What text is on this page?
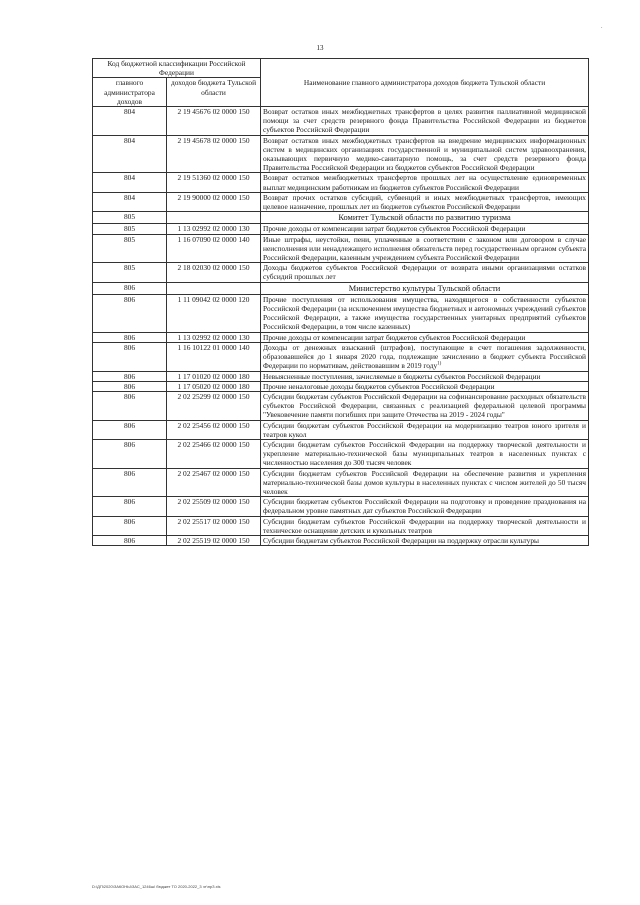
.
13
Код бюджетной классификации Российской Федерации		Наименование главного администратора доходов бюджета Тульской области
главного администратора доходов	доходов бюджета Тульской области	
804	2 19 45676 02 0000 150	Возврат остатков иных межбюджетных трансфертов в целях развития паллиативной медицинской помощи за счет средств резервного фонда Правительства Российской Федерации из бюджетов субъектов Российской Федерации
804	2 19 45678 02 0000 150	Возврат остатков иных межбюджетных трансфертов на внедрение медицинских информационных систем в медицинских организациях государственной и муниципальной систем здравоохранения, оказывающих первичную медико-санитарную помощь, за счет средств резервного фонда Правительства Российской Федерации из бюджетов субъектов Российской Федерации
804	2 19 51360 02 0000 150	Возврат остатков межбюджетных трансфертов прошлых лет на осуществление единовременных выплат медицинским работникам из бюджетов субъектов Российской Федерации
804	2 19 90000 02 0000 150	Возврат прочих остатков субсидий, субвенций и иных межбюджетных трансфертов, имеющих целевое назначение, прошлых лет из бюджетов субъектов Российской Федерации
805		Комитет Тульской области по развитию туризма
805	1 13 02992 02 0000 130	Прочие доходы от компенсации затрат бюджетов субъектов Российской Федерации
805	1 16 07090 02 0000 140	Иные штрафы, неустойки, пени, уплаченные в соответствии с законом или договором в случае неисполнения или ненадлежащего исполнения обязательств перед государственным органом субъекта Российской Федерации, казенным учреждением субъекта Российской Федерации
805	2 18 02030 02 0000 150	Доходы бюджетов субъектов Российской Федерации от возврата иными организациями остатков субсидий прошлых лет
806		Министерство культуры Тульской области
806	1 11 09042 02 0000 120	Прочие поступления от использования имущества, находящегося в собственности субъектов Российской Федерации (за исключением имущества бюджетных и автономных учреждений субъектов Российской Федерации, а также имущества государственных унитарных предприятий субъектов Российской Федерации, в том числе казенных)
806	1 13 02992 02 0000 130	Прочие доходы от компенсации затрат бюджетов субъектов Российской Федерации
806	1 16 10122 01 0000 140	Доходы от денежных взысканий (штрафов), поступающие в счет погашения задолженности, образовавшейся до 1 января 2020 года, подлежащие зачислению в бюджет субъекта Российской Федерации по нормативам, действовавшим в 2019 году$^{1)}$
806	1 17 01020 02 0000 180	Невыясненные поступления, зачисляемые в бюджеты субъектов Российской Федерации
806	1 17 05020 02 0000 180	Прочие неналоговые доходы бюджетов субъектов Российской Федерации
806	2 02 25299 02 0000 150	Субсидии бюджетам субъектов Российской Федерации на софинансирование расходных обязательств субъектов Российской Федерации, связанных с реализацией федеральной целевой программы "Увековечение памяти погибших при защите Отечества на 2019 - 2024 годы"
806	2 02 25456 02 0000 150	Субсидии бюджетам субъектов Российской Федерации на модернизацию театров юного зрителя и театров кукол
806	2 02 25466 02 0000 150	Субсидии бюджетам субъектов Российской Федерации на поддержку творческой деятельности и укрепление материально-технической базы муниципальных театров в населенных пунктах с численностью населения до 300 тысяч человек
806	2 02 25467 02 0000 150	Субсидии бюджетам субъектов Российской Федерации на обеспечение развития и укрепления материально-технической базы домов культуры в населенных пунктах с числом жителей до 50 тысяч человек
806	2 02 25509 02 0000 150	Субсидии бюджетам субъектов Российской Федерации на подготовку и проведение празднования на федеральном уровне памятных дат субъектов Российской Федерации
806	2 02 25517 02 0000 150	Субсидии бюджетам субъектов Российской Федерации на поддержку творческой деятельности и техническое оснащение детских и кукольных театров
806	2 02 25519 02 0000 150	Субсидии бюджетам субъектов Российской Федерации на поддержку отрасли культуры
D:\ДП\2020\ЗАКОНЫ\ЗАС_1246ш\ бюджет ТО 2020-2022_3 чт\прЗ.xls
